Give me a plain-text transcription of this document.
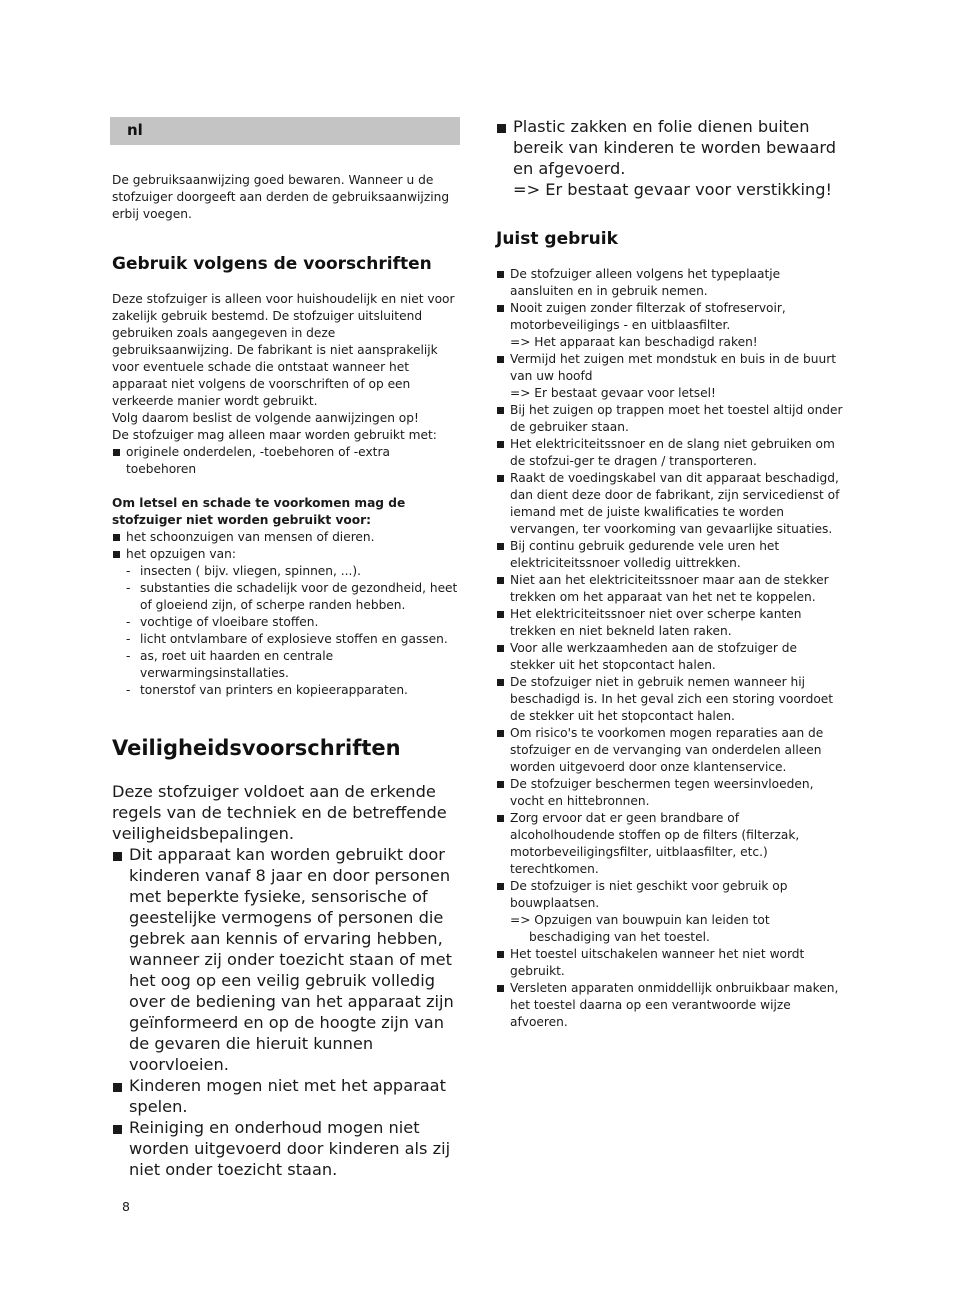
nl

De gebruiksaanwijzing goed bewaren. Wanneer u de stofzuiger doorgeeft aan derden de gebruiksaanwijzing erbij voegen.

Gebruik volgens de voorschriften

Deze stofzuiger is alleen voor huishoudelijk en niet voor zakelijk gebruik bestemd. De stofzuiger uitsluitend gebruiken zoals aangegeven in deze gebruiksaanwijzing. De fabrikant is niet aansprakelijk voor eventuele schade die ontstaat wanneer het apparaat niet volgens de voorschriften of op een verkeerde manier wordt gebruikt.

Volg daarom beslist de volgende aanwijzingen op!

De stofzuiger mag alleen maar worden gebruikt met:

originele onderdelen, -toebehoren of -extra toebehoren

Om letsel en schade te voorkomen mag de stofzuiger niet worden gebruikt voor:

het schoonzuigen van mensen of dieren.
het opzuigen van:
- insecten ( bijv. vliegen, spinnen, ...).
- substanties die schadelijk voor de gezondheid, heet of gloeiend zijn, of scherpe randen hebben.
- vochtige of vloeibare stoffen.
- licht ontvlambare of explosieve stoffen en gassen.
- as, roet uit haarden en centrale verwarmingsinstallaties.
- tonerstof van printers en kopieerapparaten.
Veiligheidsvoorschriften

Deze stofzuiger voldoet aan de erkende regels van de techniek en de betreffende veiligheidsbepalingen.

Dit apparaat kan worden gebruikt door kinderen vanaf 8 jaar en door personen met beperkte fysieke, sensorische of geestelijke vermogens of personen die gebrek aan kennis of ervaring hebben, wanneer zij onder toezicht staan of met het oog op een veilig gebruik volledig over de bediening van het apparaat zijn geïnformeerd en op de hoogte zijn van de gevaren die hieruit kunnen voorvloeien.
Kinderen mogen niet met het apparaat spelen.
Reiniging en onderhoud mogen niet worden uitgevoerd door kinderen als zij niet onder toezicht staan.
Plastic zakken en folie dienen buiten bereik van kinderen te worden bewaard en afgevoerd.
=> Er bestaat gevaar voor verstikking!
Juist gebruik
De stofzuiger alleen volgens het typeplaatje aansluiten en in gebruik nemen.
Nooit zuigen zonder filterzak of stofreservoir, motorbeveiligings - en uitblaasfilter.

=> Het apparaat kan beschadigd raken!
Vermijd het zuigen met mondstuk en buis in de buurt van uw hoofd

=> Er bestaat gevaar voor letsel!
Bij het zuigen op trappen moet het toestel altijd onder de gebruiker staan.
Het elektriciteitssnoer en de slang niet gebruiken om de stofzui-ger te dragen / transporteren.
Raakt de voedingskabel van dit apparaat beschadigd, dan dient deze door de fabrikant, zijn servicedienst of iemand met de juiste kwalificaties te worden vervangen, ter voorkoming van gevaarlijke situaties.
Bij continu gebruik gedurende vele uren het elektriciteitssnoer volledig uittrekken.
Niet aan het elektriciteitssnoer maar aan de stekker trekken om het apparaat van het net te koppelen.
Het elektriciteitssnoer niet over scherpe kanten trekken en niet bekneld laten raken.
Voor alle werkzaamheden aan de stofzuiger de stekker uit het stopcontact halen.
De stofzuiger niet in gebruik nemen wanneer hij beschadigd is. In het geval zich een storing voordoet de stekker uit het stopcontact halen.
Om risico's te voorkomen mogen reparaties aan de stofzuiger en de vervanging van onderdelen alleen worden uitgevoerd door onze klantenservice.
De stofzuiger beschermen tegen weersinvloeden, vocht en hittebronnen.
Zorg ervoor dat er geen brandbare of alcoholhoudende stoffen op de filters (filterzak, motorbeveiligingsfilter, uitblaasfilter, etc.) terechtkomen.
De stofzuiger is niet geschikt voor gebruik op bouwplaatsen.

=> Opzuigen van bouwpuin kan leiden tot beschadiging van het toestel.
Het toestel uitschakelen wanneer het niet wordt gebruikt.
Versleten apparaten onmiddellijk onbruikbaar maken, het toestel daarna op een verantwoorde wijze afvoeren.
8
